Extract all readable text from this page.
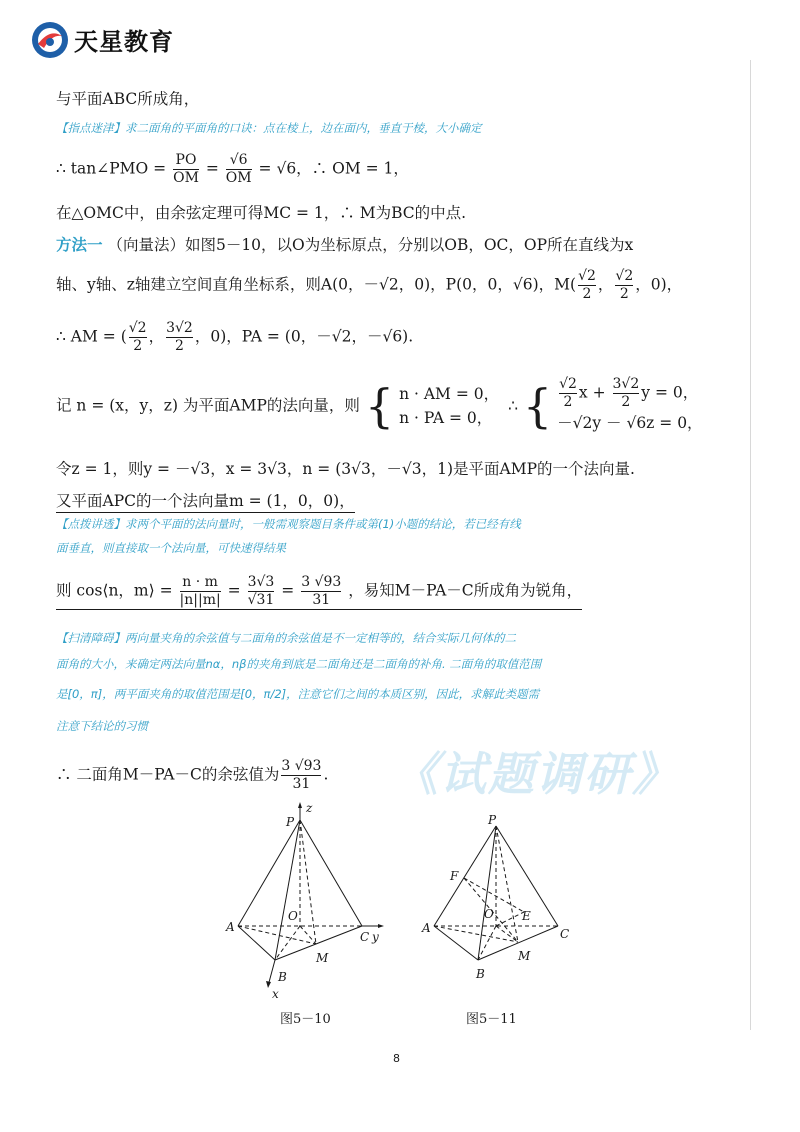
天星教育
与平面ABC所成角，
【指点迷津】求二面角的平面角的口诀：点在棱上，边在面内，垂直于棱，大小确定
∴ tan∠PMO = $\frac{PO}{OM} = \frac{√6}{OM} = √6$，∴ OM = 1，
在△OMC中，由余弦定理可得MC = 1，∴ M为BC的中点.
方法一 （向量法）如图5－10，以O为坐标原点，分别以OB，OC，OP所在直线为x
轴、y轴、z轴建立空间直角坐标系，则A(0，－√2，0)，P(0，0，√6)，$M( \frac{√2}{2}$ ， $\frac{√2}{2}$ ，0)，
∴ AM = ( $\frac{√2}{2}$ ， $\frac{3√2}{2}$ ，0)，PA = (0，－√2，－√6).
记 n = (x，y，z) 为平面AMP的法向量，则 { n · AM = 0，
n · PA = 0，
∴ { $\frac{√2}{2}$ $x + \frac{3√2}{2}$ y = 0，
－√2y － √6z = 0，
令z = 1，则y = －√3，x = 3√3，n = (3√3，－√3，1)是平面AMP的一个法向量.
又平面APC的一个法向量m = (1，0，0)，
【点拨讲透】求两个平面的法向量时，一般需观察题目条件或第(1)小题的结论，若已经有线
面垂直，则直接取一个法向量，可快速得结果
则 cos⟨n，m⟩ = $\frac{n \cdot m}{|n||m|} = \frac{3√3}{√31} = \frac{3 √93}{31}$ ，易知M－PA－C所成角为锐角，
【扫清障碍】两向量夹角的余弦值与二面角的余弦值是不一定相等的，结合实际几何体的二
面角的大小，来确定两法向量nα，nβ的夹角到底是二面角还是二面角的补角. 二面角的取值范围
是[0，π]，两平面夹角的取值范围是[0，π/2]，注意它们之间的本质区别，因此，求解此类题需
注意下结论的习惯
∴ 二面角M－PA－C的余弦值为 $\frac{3 √93}{31}$ . 《试题调研》
P
z
A
O
C y
M
B
x
图5－10
P
F
A
O E
C
M
B
图5－11
8
